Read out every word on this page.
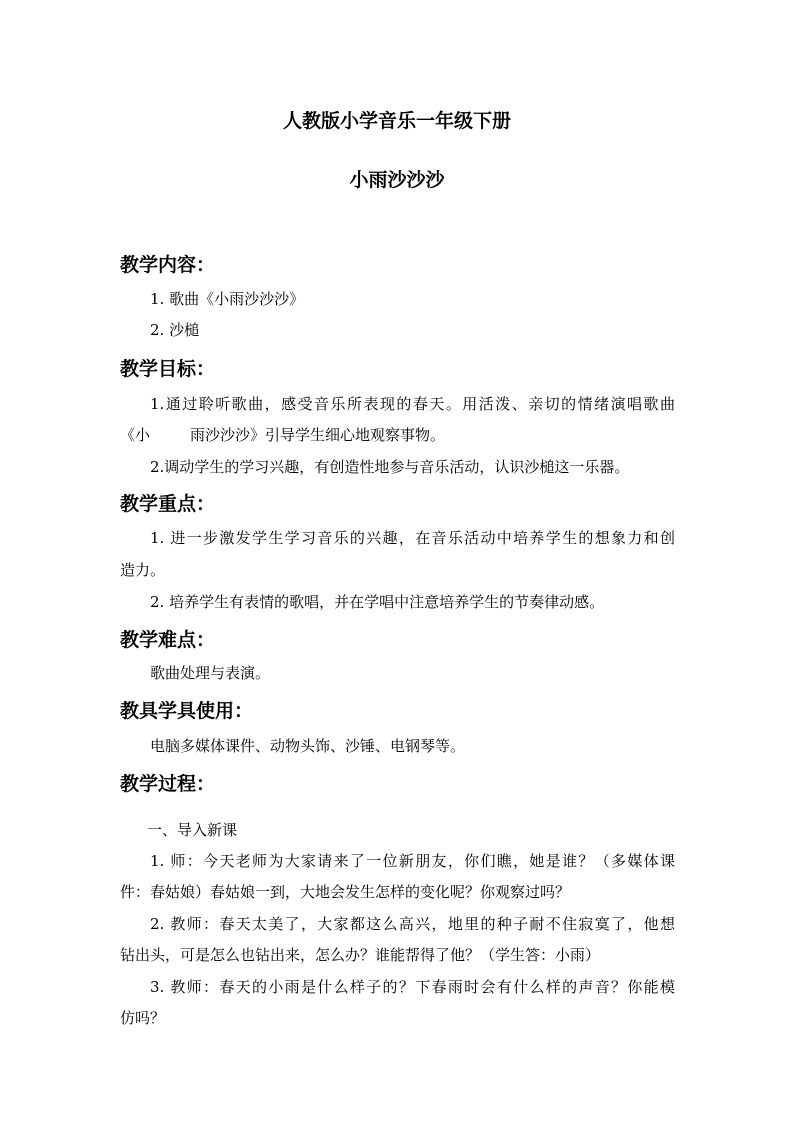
人教版小学音乐一年级下册
小雨沙沙沙
教学内容：
1. 歌曲《小雨沙沙沙》
2. 沙槌
教学目标：
1.通过聆听歌曲，感受音乐所表现的春天。用活泼、亲切的情绪演唱歌曲
《小	雨沙沙沙》引导学生细心地观察事物。
2.调动学生的学习兴趣，有创造性地参与音乐活动，认识沙槌这一乐器。
教学重点：
1. 进一步激发学生学习音乐的兴趣，在音乐活动中培养学生的想象力和创
造力。
2. 培养学生有表情的歌唱，并在学唱中注意培养学生的节奏律动感。
教学难点：
歌曲处理与表演。
教具学具使用：
电脑多媒体课件、动物头饰、沙锤、电钢琴等。
教学过程：
一、导入新课
1. 师：今天老师为大家请来了一位新朋友，你们瞧，她是谁？（多媒体课
件：春姑娘）春姑娘一到，大地会发生怎样的变化呢？你观察过吗？
2. 教师：春天太美了，大家都这么高兴，地里的种子耐不住寂寞了，他想
钻出头，可是怎么也钻出来，怎么办？谁能帮得了他？（学生答：小雨）
3. 教师：春天的小雨是什么样子的？下春雨时会有什么样的声音？你能模
仿吗？
